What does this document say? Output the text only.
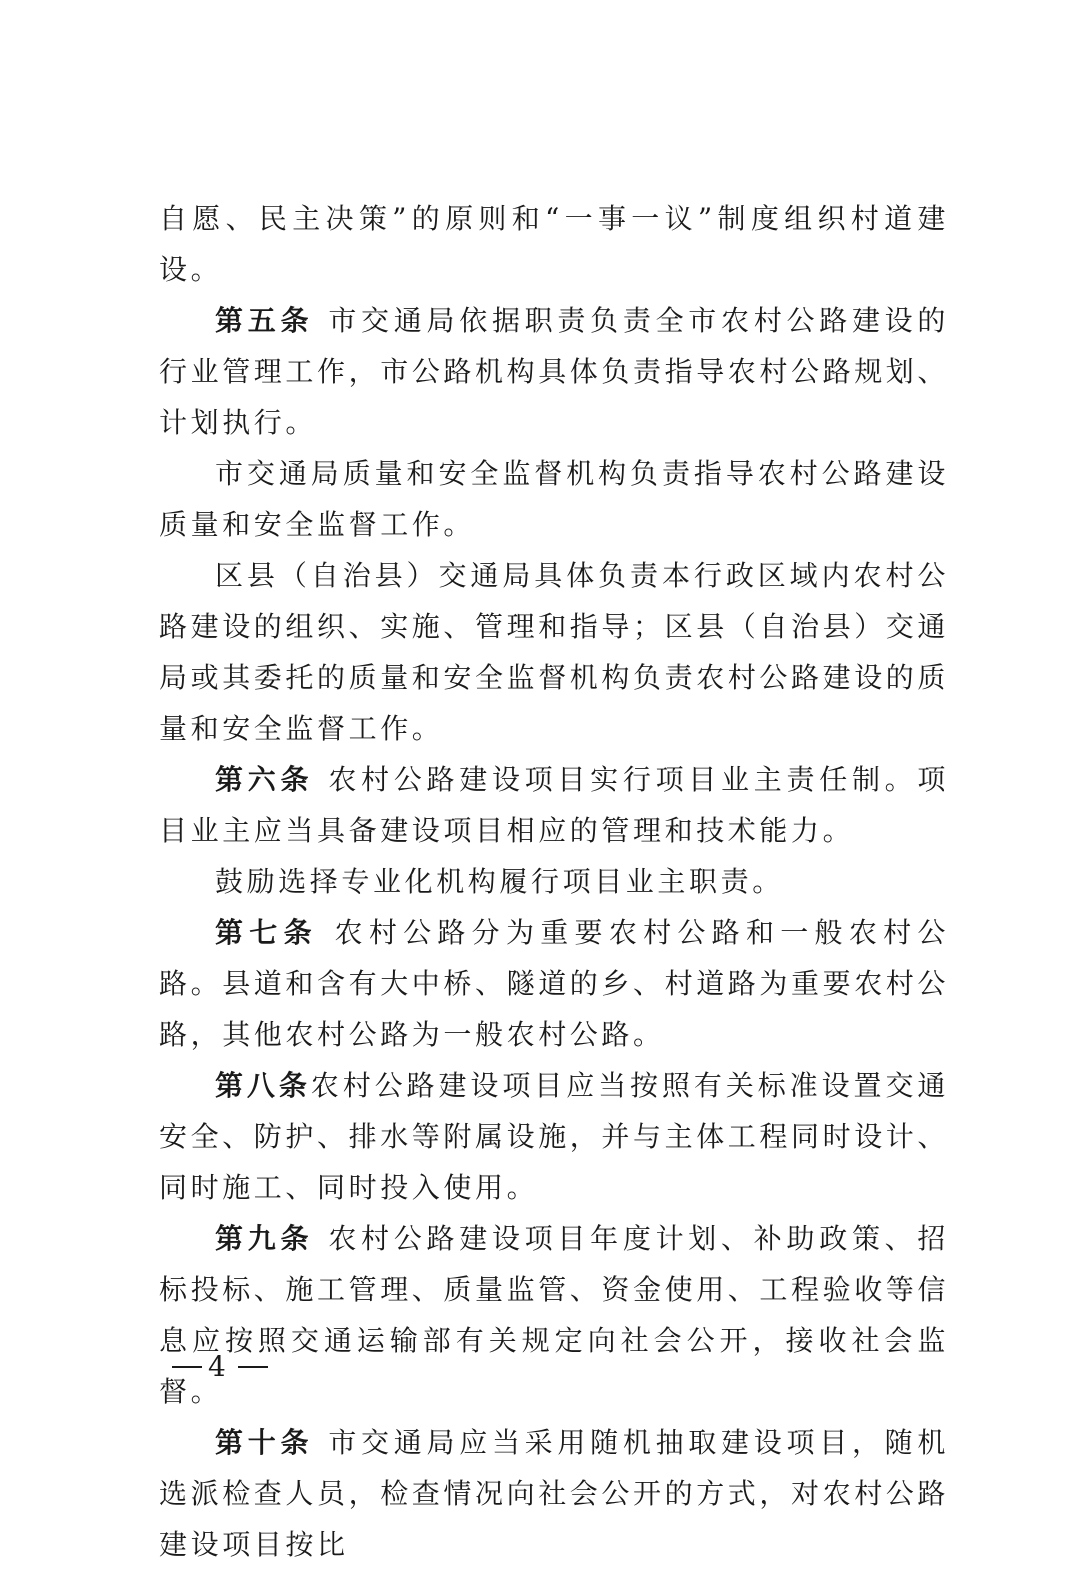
自愿、民主决策”的原则和“一事一议”制度组织村道建设。

第五条 市交通局依据职责负责全市农村公路建设的行业管理工作，市公路机构具体负责指导农村公路规划、计划执行。

市交通局质量和安全监督机构负责指导农村公路建设质量和安全监督工作。

区县（自治县）交通局具体负责本行政区域内农村公路建设的组织、实施、管理和指导；区县（自治县）交通局或其委托的质量和安全监督机构负责农村公路建设的质量和安全监督工作。

第六条 农村公路建设项目实行项目业主责任制。项目业主应当具备建设项目相应的管理和技术能力。

鼓励选择专业化机构履行项目业主职责。

第七条 农村公路分为重要农村公路和一般农村公路。县道和含有大中桥、隧道的乡、村道路为重要农村公路，其他农村公路为一般农村公路。

第八条农村公路建设项目应当按照有关标准设置交通安全、防护、排水等附属设施，并与主体工程同时设计、同时施工、同时投入使用。

第九条 农村公路建设项目年度计划、补助政策、招标投标、施工管理、质量监管、资金使用、工程验收等信息应按照交通运输部有关规定向社会公开，接收社会监督。

第十条 市交通局应当采用随机抽取建设项目，随机选派检查人员，检查情况向社会公开的方式，对农村公路建设项目按比

4
